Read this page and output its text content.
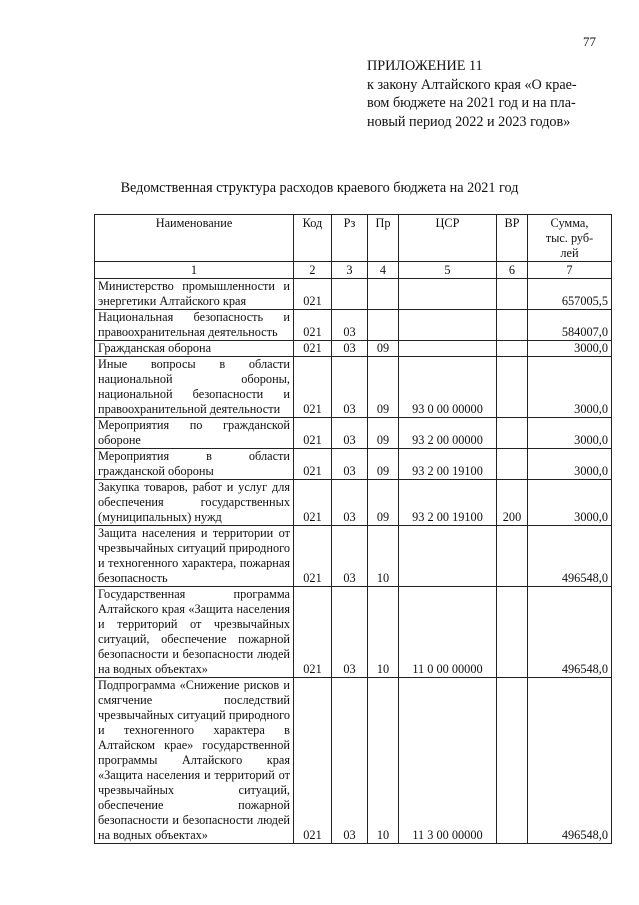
77
ПРИЛОЖЕНИЕ 11
к закону Алтайского края «О крае-
вом бюджете на 2021 год и на пла-
новый период 2022 и 2023 годов»
Ведомственная структура расходов краевого бюджета на 2021 год
Наименование	Код	Рз	Пр	ЦСР	ВР	Сумма,
тыс. руб-
лей

1	2	3	4	5	6	7
Министерство промышленности и энергетики Алтайского края	021					657005,5
Национальная безопасность и правоохранительная деятельность	021	03				584007,0
Гражданская оборона	021	03	09			3000,0
Иные вопросы в области национальной обороны, национальной безопасности и правоохранительной деятельности	021	03	09	93 0 00 00000		3000,0
Мероприятия по гражданской обороне	021	03	09	93 2 00 00000		3000,0
Мероприятия в области гражданской обороны	021	03	09	93 2 00 19100		3000,0
Закупка товаров, работ и услуг для обеспечения государственных (муниципальных) нужд	021	03	09	93 2 00 19100	200	3000,0
Защита населения и территории от чрезвычайных ситуаций природного и техногенного характера, пожарная безопасность	021	03	10			496548,0
Государственная программа Алтайского края «Защита населения и территорий от чрезвычайных ситуаций, обеспечение пожарной безопасности и безопасности людей на водных объектах»	021	03	10	11 0 00 00000		496548,0
Подпрограмма «Снижение рисков и смягчение последствий чрезвычайных ситуаций природного и техногенного характера в Алтайском крае» государственной программы Алтайского края «Защита населения и территорий от чрезвычайных ситуаций, обеспечение пожарной безопасности и безопасности людей на водных объектах»	021	03	10	11 3 00 00000		496548,0
